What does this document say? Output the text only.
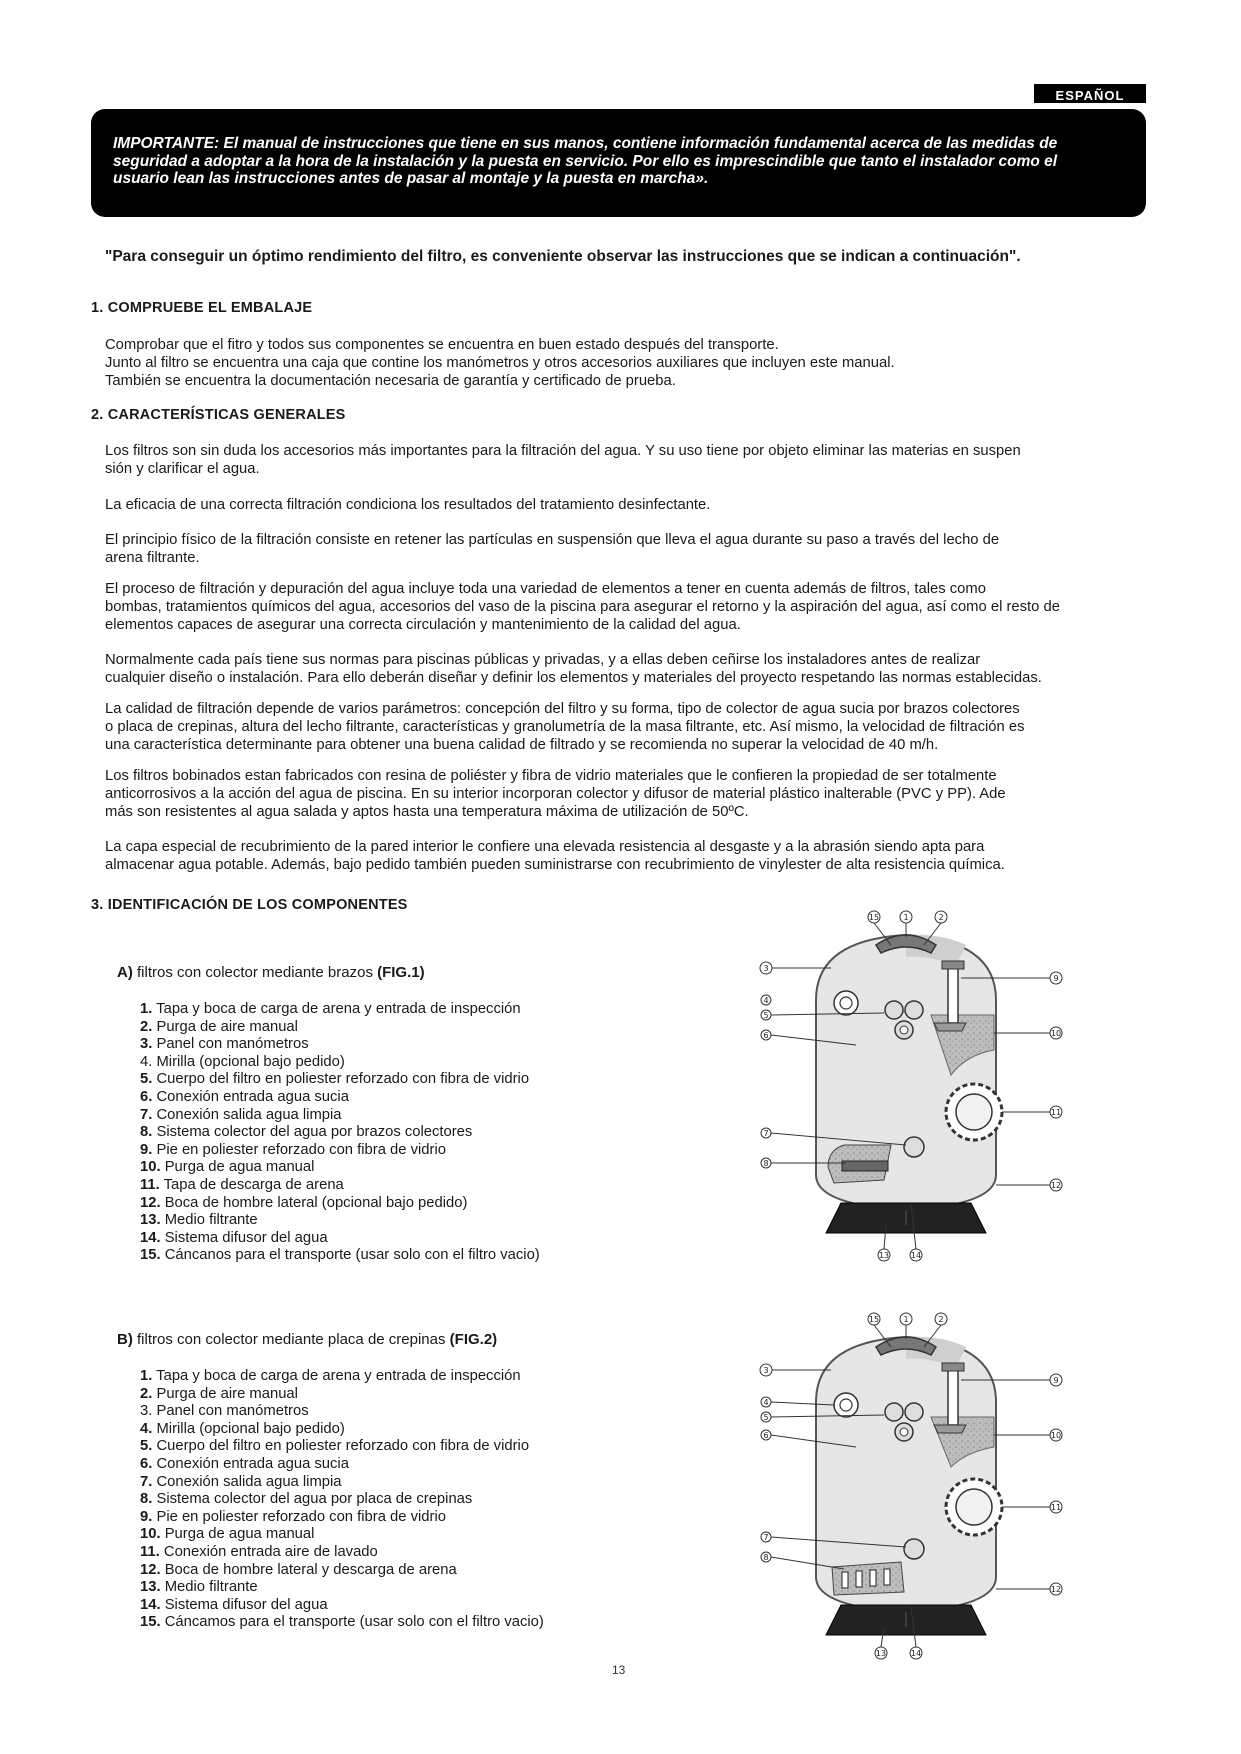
ESPAÑOL
IMPORTANTE: El manual de instrucciones que tiene en sus manos, contiene información fundamental acerca de las medidas de
seguridad a adoptar a la hora de la instalación y la puesta en servicio. Por ello es imprescindible que tanto el instalador como el
usuario lean las instrucciones antes de pasar al montaje y la puesta en marcha».
"Para conseguir un óptimo rendimiento del filtro, es conveniente observar las instrucciones que se indican a continuación".
1. COMPRUEBE EL EMBALAJE
Comprobar que el fitro y todos sus componentes se encuentra en buen estado después del transporte.
Junto al filtro se encuentra una caja que contine los manómetros y otros accesorios auxiliares que incluyen este manual.
También se encuentra la documentación necesaria de garantía y certificado de prueba.
2. CARACTERÍSTICAS GENERALES
Los filtros son sin duda los accesorios más importantes para la filtración del agua. Y su uso tiene por objeto eliminar las materias en suspen
sión y clarificar el agua.
La eficacia de una correcta filtración condiciona los resultados del tratamiento desinfectante.
El principio físico de la filtración consiste en retener las partículas en suspensión que lleva el agua durante su paso a través del lecho de
arena filtrante.
El proceso de filtración y depuración del agua incluye toda una variedad de elementos a tener en cuenta además de filtros, tales como
bombas, tratamientos químicos del agua, accesorios del vaso de la piscina para asegurar el retorno y la aspiración del agua, así como el resto de
elementos capaces de asegurar una correcta circulación y mantenimiento de la calidad del agua.
Normalmente cada país tiene sus normas para piscinas públicas y privadas, y a ellas deben ceñirse los instaladores antes de realizar
cualquier diseño o instalación. Para ello deberán diseñar y definir los elementos y materiales del proyecto respetando las normas establecidas.
La calidad de filtración depende de varios parámetros: concepción del filtro y su forma, tipo de colector de agua sucia por brazos colectores
o placa de crepinas, altura del lecho filtrante, características y granolumetría de la masa filtrante, etc. Así mismo, la velocidad de filtración es
una característica determinante para obtener una buena calidad de filtrado y se recomienda no superar la velocidad de 40 m/h.
Los filtros bobinados estan fabricados con resina de poliéster y fibra de vidrio materiales que le confieren la propiedad de ser totalmente
anticorrosivos a la acción del agua de piscina. En su interior incorporan colector y difusor de material plástico inalterable (PVC y PP). Ade
más son resistentes al agua salada y aptos hasta una temperatura máxima de utilización de 50ºC.
La capa especial de recubrimiento de la pared interior le confiere una elevada resistencia al desgaste y a la abrasión siendo apta para
almacenar agua potable. Además, bajo pedido también pueden suministrarse con recubrimiento de vinylester de alta resistencia química.
3. IDENTIFICACIÓN DE LOS COMPONENTES
A) filtros con colector mediante brazos (FIG.1)
1. Tapa y boca de carga de arena y entrada de inspección
2. Purga de aire manual
3. Panel con manómetros
4. Mirilla (opcional bajo pedido)
5. Cuerpo del filtro en poliester reforzado con fibra de vidrio
6. Conexión entrada agua sucia
7. Conexión salida agua limpia
8. Sistema colector del agua por brazos colectores
9. Pie en poliester reforzado con fibra de vidrio
10. Purga de agua manual
11. Tapa de descarga de arena
12. Boca de hombre lateral (opcional bajo pedido)
13. Medio filtrante
14. Sistema difusor del agua
15. Cáncanos para el transporte (usar solo con el filtro vacio)
B) filtros con colector mediante placa de crepinas (FIG.2)
1. Tapa y boca de carga de arena y entrada de inspección
2. Purga de aire manual
3. Panel con manómetros
4. Mirilla (opcional bajo pedido)
5. Cuerpo del filtro en poliester reforzado con fibra de vidrio
6. Conexión entrada agua sucia
7. Conexión salida agua limpia
8. Sistema colector del agua por placa de crepinas
9. Pie en poliester reforzado con fibra de vidrio
10. Purga de agua manual
11. Conexión entrada aire de lavado
12. Boca de hombre lateral y descarga de arena
13. Medio filtrante
14. Sistema difusor del agua
15. Cáncamos para el transporte (usar solo con el filtro vacio)
15	1	2
3
4
5
6
7
8
9
10
11
12
13	14
15	1	2
3
4
5
6
7
8
9
10
11
12
13	14
13
